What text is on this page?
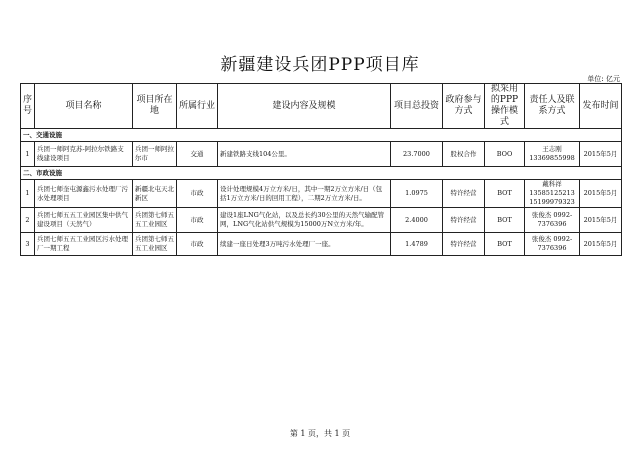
新疆建设兵团PPP项目库
单位: 亿元
序号	项目名称	项目所在地	所属行业	建设内容及规模	项目总投资	政府参与方式	拟采用的PPP操作模式	责任人及联系方式	发布时间
一、交通设施									
1	兵团一师阿克苏-阿拉尔铁路支线建设项目	兵团一师阿拉尔市	交通	新建铁路支线104公里。	23.7000	股权合作	BOO	王志刚 13369855998	2015年5月
二、市政设施									
1	兵团七师奎屯源鑫污水处理厂污水处理项目	新疆北屯天北新区	市政	设计处理规模4万立方米/日，其中一期2万立方米/日（包括1万立方米/日的回用工程），二期2万立方米/日。	1.0975	特许经营	BOT	戴科祥 13585125213 15199979323	2015年5月
2	兵团七师五五工业园区集中供气建设项目（天然气）	兵团第七师五五工业园区	市政	建设1座LNG气化站，以及总长约30公里的天然气输配管网，LNG气化站供气规模为15000万N立方米/年。	2.4000	特许经营	BOT	张俊杰 0992-7376396	2015年5月
3	兵团七师五五工业园区污水处理厂一期工程	兵团第七师五五工业园区	市政	续建一座日处理3万吨污水处理厂一座。	1.4789	特许经营	BOT	张俊杰 0992-7376396	2015年5月
第 1 页，共 1 页
